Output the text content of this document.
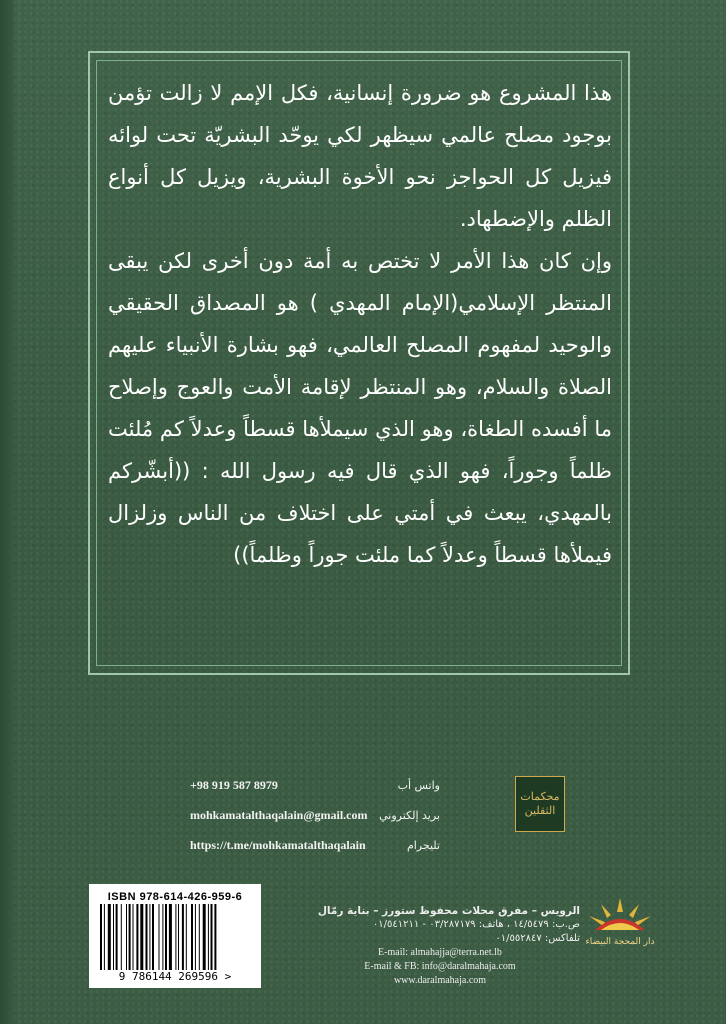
هذا المشروع هو ضرورة إنسانية، فكل الإمم لا زالت تؤمن بوجود مصلح عالمي سيظهر لكي يوحّد البشريّة تحت لوائه فيزيل كل الحواجز نحو الأخوة البشرية، ويزيل كل أنواع الظلم والإضطهاد.

وإن كان هذا الأمر لا تختص به أمة دون أخرى لكن يبقى المنتظر الإسلامي(الإمام المهدي ) هو المصداق الحقيقي والوحيد لمفهوم المصلح العالمي، فهو بشارة الأنبياء عليهم الصلاة والسلام، وهو المنتظر لإقامة الأمت والعوج وإصلاح ما أفسده الطغاة، وهو الذي سيملأها قسطاً وعدلاً كم مُلئت ظلماً وجوراً، فهو الذي قال فيه رسول الله : ((أبشّركم بالمهدي، يبعث في أمتي على اختلاف من الناس وزلزال فيملأها قسطاً وعدلاً كما ملئت جوراً وظلماً))

+98 919 587 8979	واتس أب
mohkamatalthaqalain@gmail.com بريد إلكتروني
https://t.me/mohkamatalthaqalain	تليجرام
محكمات الثقلين
ISBN 978-614-426-959-6
9 786144 269596 >
الرويس – مفرق محلات محفوظ ستورز – بناية رمّال
ص.ب: ١٤/٥٤٧٩ ، هاتف: ٠٣/٢٨٧١٧٩ - ٠١/٥٤١٢١١
تلفاكس: ٠١/٥٥٢٨٤٧
E-mail: almahajja@terra.net.lb
E-mail & FB: info@daralmahaja.com
www.daralmahaja.com
دار المحجة البيضاء
